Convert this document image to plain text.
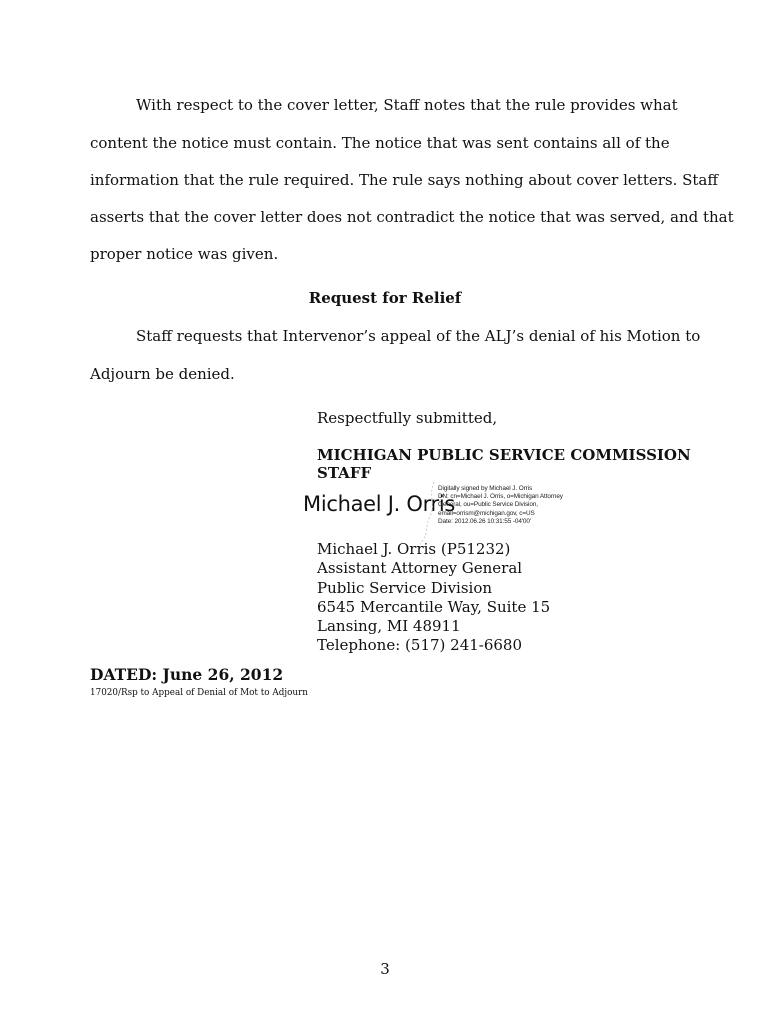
With respect to the cover letter, Staff notes that the rule provides what
content the notice must contain. The notice that was sent contains all of the
information that the rule required. The rule says nothing about cover letters. Staff
asserts that the cover letter does not contradict the notice that was served, and that
proper notice was given.
Request for Relief
Staff requests that Intervenor’s appeal of the ALJ’s denial of his Motion to
Adjourn be denied.
Respectfully submitted,
MICHIGAN PUBLIC SERVICE COMMISSION
STAFF
Michael J. Orris
Digitally signed by Michael J. Orris
DN: cn=Michael J. Orris, o=Michigan Attorney
General, ou=Public Service Division,
email=orrism@michigan.gov, c=US
Date: 2012.06.26 10:31:55 -04'00'
Michael J. Orris (P51232)
Assistant Attorney General
Public Service Division
6545 Mercantile Way, Suite 15
Lansing, MI 48911
Telephone: (517) 241-6680
DATED: June 26, 2012
17020/Rsp to Appeal of Denial of Mot to Adjourn
3
